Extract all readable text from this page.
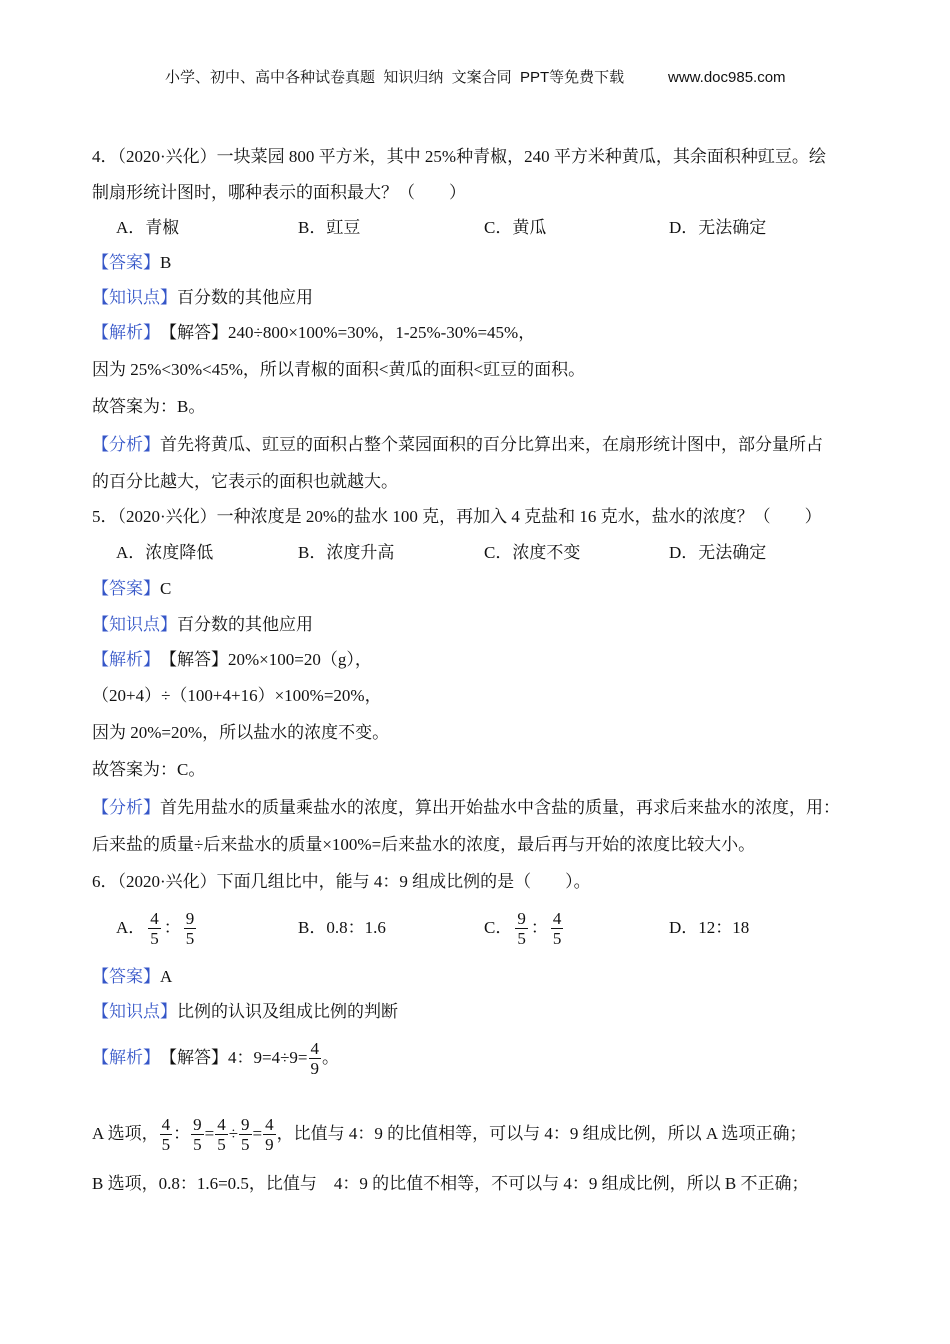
小学、初中、高中各种试卷真题  知识归纳  文案合同  PPT等免费下载	www.doc985.com
4．（2020·兴化）一块菜园 800 平方米，其中 25%种青椒，240 平方米种黄瓜，其余面积种豇豆。绘
制扇形统计图时，哪种表示的面积最大？（　　）
A．青椒	B．豇豆	C．黄瓜	D．无法确定
【答案】 B
【知识点】 百分数的其他应用
【解析】 【解答】240÷800×100%=30%，1-25%-30%=45%，
因为 25%<30%<45%，所以青椒的面积<黄瓜的面积<豇豆的面积。
故答案为：B。
【分析】 首先将黄瓜、豇豆的面积占整个菜园面积的百分比算出来，在扇形统计图中，部分量所占
的百分比越大，它表示的面积也就越大。
5．（2020·兴化）一种浓度是 20%的盐水 100 克，再加入 4 克盐和 16 克水，盐水的浓度？（　　）
A．浓度降低	B．浓度升高	C．浓度不变	D．无法确定
【答案】 C
【知识点】 百分数的其他应用
【解析】 【解答】20%×100=20（g），
（20+4）÷（100+4+16）×100%=20%，
因为 20%=20%，所以盐水的浓度不变。
故答案为：C。
【分析】 首先用盐水的质量乘盐水的浓度，算出开始盐水中含盐的质量，再求后来盐水的浓度，用：
后来盐的质量÷后来盐水的质量×100%=后来盐水的浓度，最后再与开始的浓度比较大小。
6．（2020·兴化）下面几组比中，能与 4：9 组成比例的是（　　）。
A． $\frac{4}{5}$ ： $\frac{9}{5}$	B． 0.8：1.6	C． $\frac{9}{5}$ ： $\frac{4}{5}$	D． 12：18
【答案】 A
【知识点】 比例的认识及组成比例的判断
【解析】 【解答】4：$9=4\div 9= \frac{4}{9}$ 。
A 选项， $\frac{4}{5}$ ： $\frac{9}{5} = \frac{4}{5} \div \frac{9}{5} = \frac{4}{9}$ ，比值与 4：9 的比值相等，可以与 4：9 组成比例，所以 A 选项正确；
B 选项，0.8：1.6=0.5，比值与　4：9 的比值不相等，不可以与 4：9 组成比例，所以 B 不正确；
